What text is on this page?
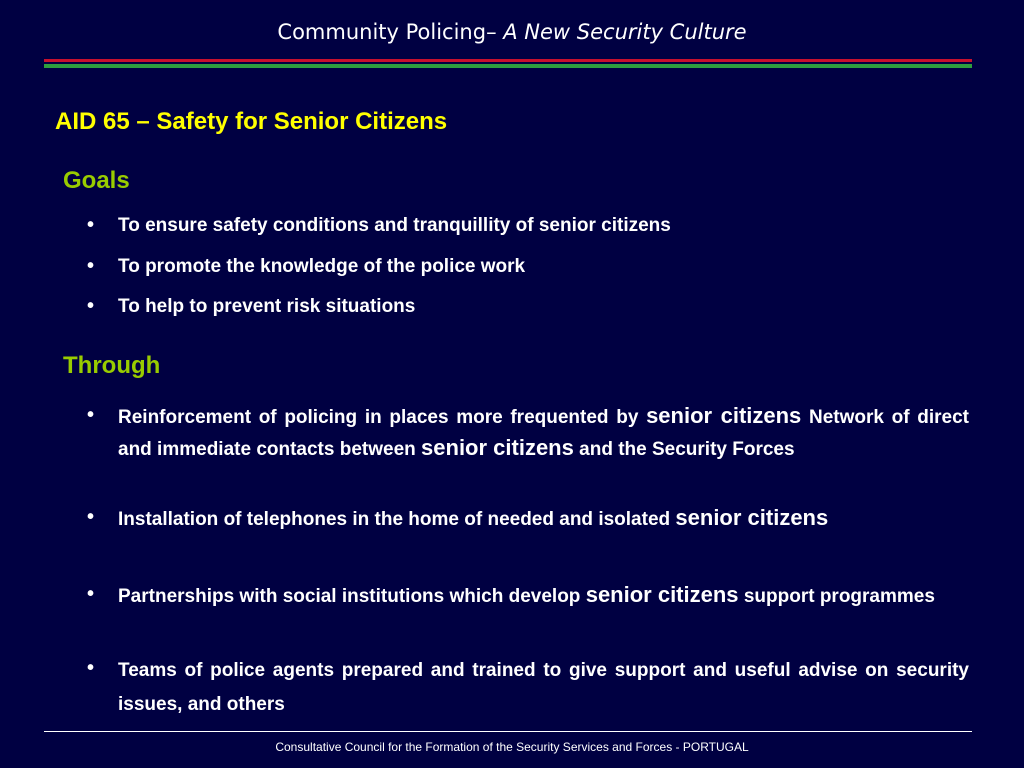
Community Policing– A New Security Culture
AID 65 – Safety for Senior Citizens
Goals
• To ensure safety conditions and tranquillity of senior citizens
• To promote the knowledge of the police work
• To help to prevent risk situations
Through
• Reinforcement of policing in places more frequented by senior citizens Network of direct and immediate contacts between senior citizens and the Security Forces
• Installation of telephones in the home of needed and isolated senior citizens
• Partnerships with social institutions which develop senior citizens support programmes
• Teams of police agents prepared and trained to give support and useful advise on security issues, and others
Consultative Council for the Formation of the Security Services and Forces - PORTUGAL
